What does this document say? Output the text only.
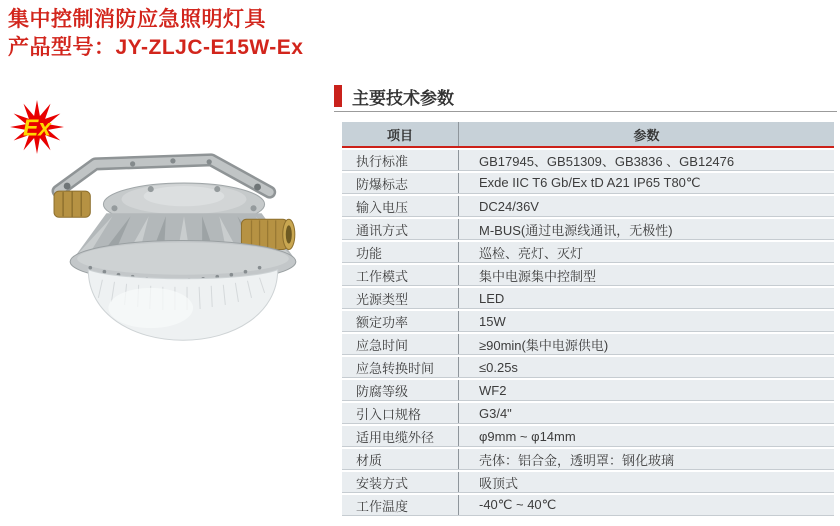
集中控制消防应急照明灯具
产品型号：JY-ZLJC-E15W-Ex
Ex
主要技术参数
项目	参数
执行标准	GB17945、GB51309、GB3836 、GB12476
防爆标志	Exde IIC T6 Gb/Ex tD A21 IP65 T80℃
输入电压	DC24/36V
通讯方式	M-BUS(通过电源线通讯，无极性)
功能	巡检、亮灯、灭灯
工作模式	集中电源集中控制型
光源类型	LED
额定功率	15W
应急时间	≥90min(集中电源供电)
应急转换时间	≤0.25s
防腐等级	WF2
引入口规格	G3/4"
适用电缆外径	φ9mm ~ φ14mm
材质	壳体：铝合金，透明罩：钢化玻璃
安装方式	吸顶式
工作温度	-40℃ ~ 40℃
